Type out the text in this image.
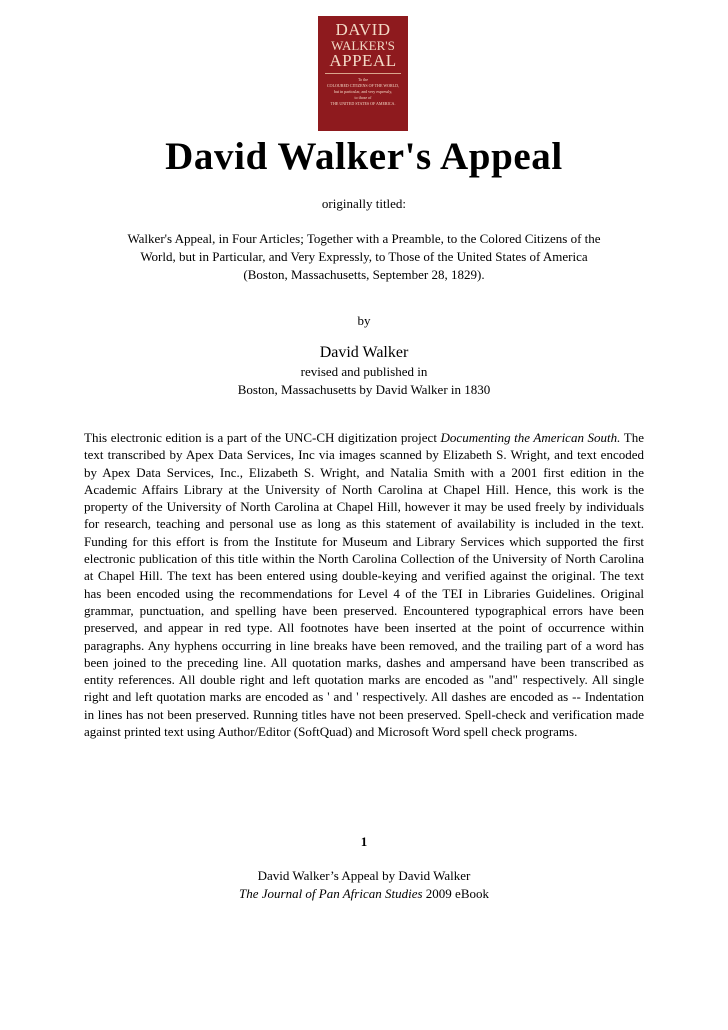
DAVID
WALKER'S
APPEAL
To the
COLOURED CITIZENS OF THE WORLD,
but in particular, and very expressly,
to those of
THE UNITED STATES OF AMERICA.
David Walker's Appeal
originally titled:
Walker's Appeal, in Four Articles; Together with a Preamble, to the Colored Citizens of the
World, but in Particular, and Very Expressly, to Those of the United States of America
(Boston, Massachusetts, September 28, 1829).
by
David Walker
revised and published in
Boston, Massachusetts by David Walker in 1830

This electronic edition is a part of the UNC-CH digitization project Documenting the American South. The text transcribed by Apex Data Services, Inc via images scanned by Elizabeth S. Wright, and text encoded by Apex Data Services, Inc., Elizabeth S. Wright, and Natalia Smith with a 2001 first edition in the Academic Affairs Library at the University of North Carolina at Chapel Hill. Hence, this work is the property of the University of North Carolina at Chapel Hill, however it may be used freely by individuals for research, teaching and personal use as long as this statement of availability is included in the text. Funding for this effort is from the Institute for Museum and Library Services which supported the first electronic publication of this title within the North Carolina Collection of the University of North Carolina at Chapel Hill. The text has been entered using double-keying and verified against the original. The text has been encoded using the recommendations for Level 4 of the TEI in Libraries Guidelines. Original grammar, punctuation, and spelling have been preserved. Encountered typographical errors have been preserved, and appear in red type. All footnotes have been inserted at the point of occurrence within paragraphs. Any hyphens occurring in line breaks have been removed, and the trailing part of a word has been joined to the preceding line. All quotation marks, dashes and ampersand have been transcribed as entity references. All double right and left quotation marks are encoded as "and" respectively. All single right and left quotation marks are encoded as ' and ' respectively. All dashes are encoded as -- Indentation in lines has not been preserved. Running titles have not been preserved. Spell-check and verification made against printed text using Author/Editor (SoftQuad) and Microsoft Word spell check programs.

1
David Walker’s Appeal by David Walker
The Journal of Pan African Studies 2009 eBook
